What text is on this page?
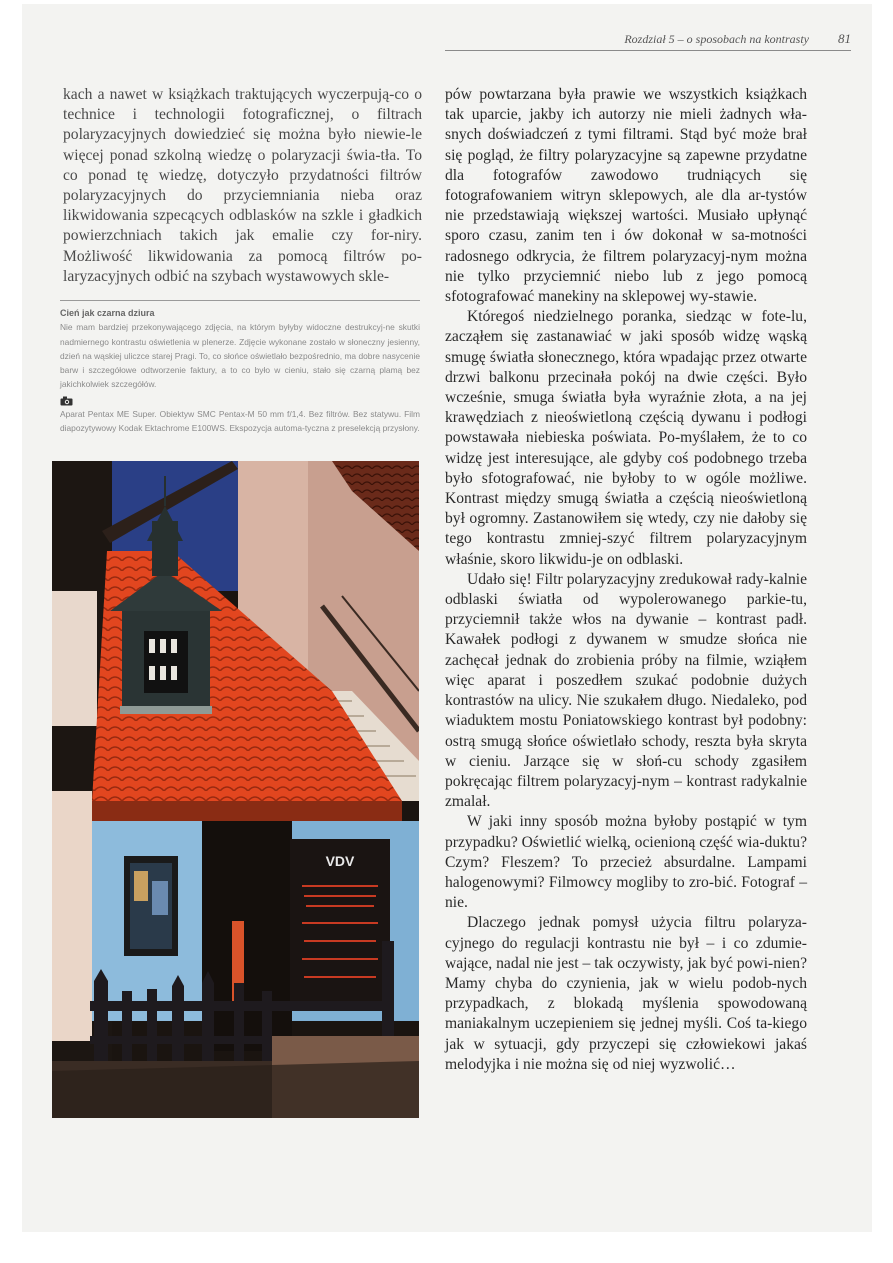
Rozdział 5 – o sposobach na kontrasty 81

kach a nawet w książkach traktujących wyczerpują-co o technice i technologii fotograficznej, o filtrach polaryzacyjnych dowiedzieć się można było niewie-le więcej ponad szkolną wiedzę o polaryzacji świa-tła. To co ponad tę wiedzę, dotyczyło przydatności filtrów polaryzacyjnych do przyciemniania nieba oraz likwidowania szpecących odblasków na szkle i gładkich powierzchniach takich jak emalie czy for-niry. Możliwość likwidowania za pomocą filtrów po-laryzacyjnych odbić na szybach wystawowych skle-

Cień jak czarna dziura
Nie mam bardziej przekonywającego zdjęcia, na którym byłyby widoczne destrukcyj-ne skutki nadmiernego kontrastu oświetlenia w plenerze. Zdjęcie wykonane zostało w słoneczny jesienny, dzień na wąskiej uliczce starej Pragi. To, co słońce oświetlało bezpośrednio, ma dobre nasycenie barw i szczegółowe odtworzenie faktury, a to co było w cieniu, stało się czarną plamą bez jakichkolwiek szczegółów.
Aparat Pentax ME Super. Obiektyw SMC Pentax-M 50 mm f/1,4. Bez filtrów. Bez statywu. Film diapozytywowy Kodak Ektachrome E100WS. Ekspozycja automa-tyczna z preselekcją przysłony.
VDV

pów powtarzana była prawie we wszystkich książkach tak uparcie, jakby ich autorzy nie mieli żadnych wła-snych doświadczeń z tymi filtrami. Stąd być może brał się pogląd, że filtry polaryzacyjne są zapewne przydatne dla fotografów zawodowo trudniących się fotografowaniem witryn sklepowych, ale dla ar-tystów nie przedstawiają większej wartości. Musiało upłynąć sporo czasu, zanim ten i ów dokonał w sa-motności radosnego odkrycia, że filtrem polaryzacyj-nym można nie tylko przyciemnić niebo lub z jego pomocą sfotografować manekiny na sklepowej wy-stawie.

Któregoś niedzielnego poranka, siedząc w fote-lu, zacząłem się zastanawiać w jaki sposób widzę wąską smugę światła słonecznego, która wpadając przez otwarte drzwi balkonu przecinała pokój na dwie części. Było wcześnie, smuga światła była wyraźnie złota, a na jej krawędziach z nieoświetloną częścią dywanu i podłogi powstawała niebieska poświata. Po-myślałem, że to co widzę jest interesujące, ale gdyby coś podobnego trzeba było sfotografować, nie byłoby to w ogóle możliwe. Kontrast między smugą światła a częścią nieoświetloną był ogromny. Zastanowiłem się wtedy, czy nie dałoby się tego kontrastu zmniej-szyć filtrem polaryzacyjnym właśnie, skoro likwidu-je on odblaski.

Udało się! Filtr polaryzacyjny zredukował rady-kalnie odblaski światła od wypolerowanego parkie-tu, przyciemnił także włos na dywanie – kontrast padł. Kawałek podłogi z dywanem w smudze słońca nie zachęcał jednak do zrobienia próby na filmie, wziąłem więc aparat i poszedłem szukać podobnie dużych kontrastów na ulicy. Nie szukałem długo. Niedaleko, pod wiaduktem mostu Poniatowskiego kontrast był podobny: ostrą smugą słońce oświetlało schody, reszta była skryta w cieniu. Jarzące się w słoń-cu schody zgasiłem pokręcając filtrem polaryzacyj-nym – kontrast radykalnie zmalał.

W jaki inny sposób można byłoby postąpić w tym przypadku? Oświetlić wielką, ocienioną część wia-duktu? Czym? Fleszem? To przecież absurdalne. Lampami halogenowymi? Filmowcy mogliby to zro-bić. Fotograf – nie.

Dlaczego jednak pomysł użycia filtru polaryza-cyjnego do regulacji kontrastu nie był – i co zdumie-wające, nadal nie jest – tak oczywisty, jak być powi-nien? Mamy chyba do czynienia, jak w wielu podob-nych przypadkach, z blokadą myślenia spowodowaną maniakalnym uczepieniem się jednej myśli. Coś ta-kiego jak w sytuacji, gdy przyczepi się człowiekowi jakaś melodyjka i nie można się od niej wyzwolić…
